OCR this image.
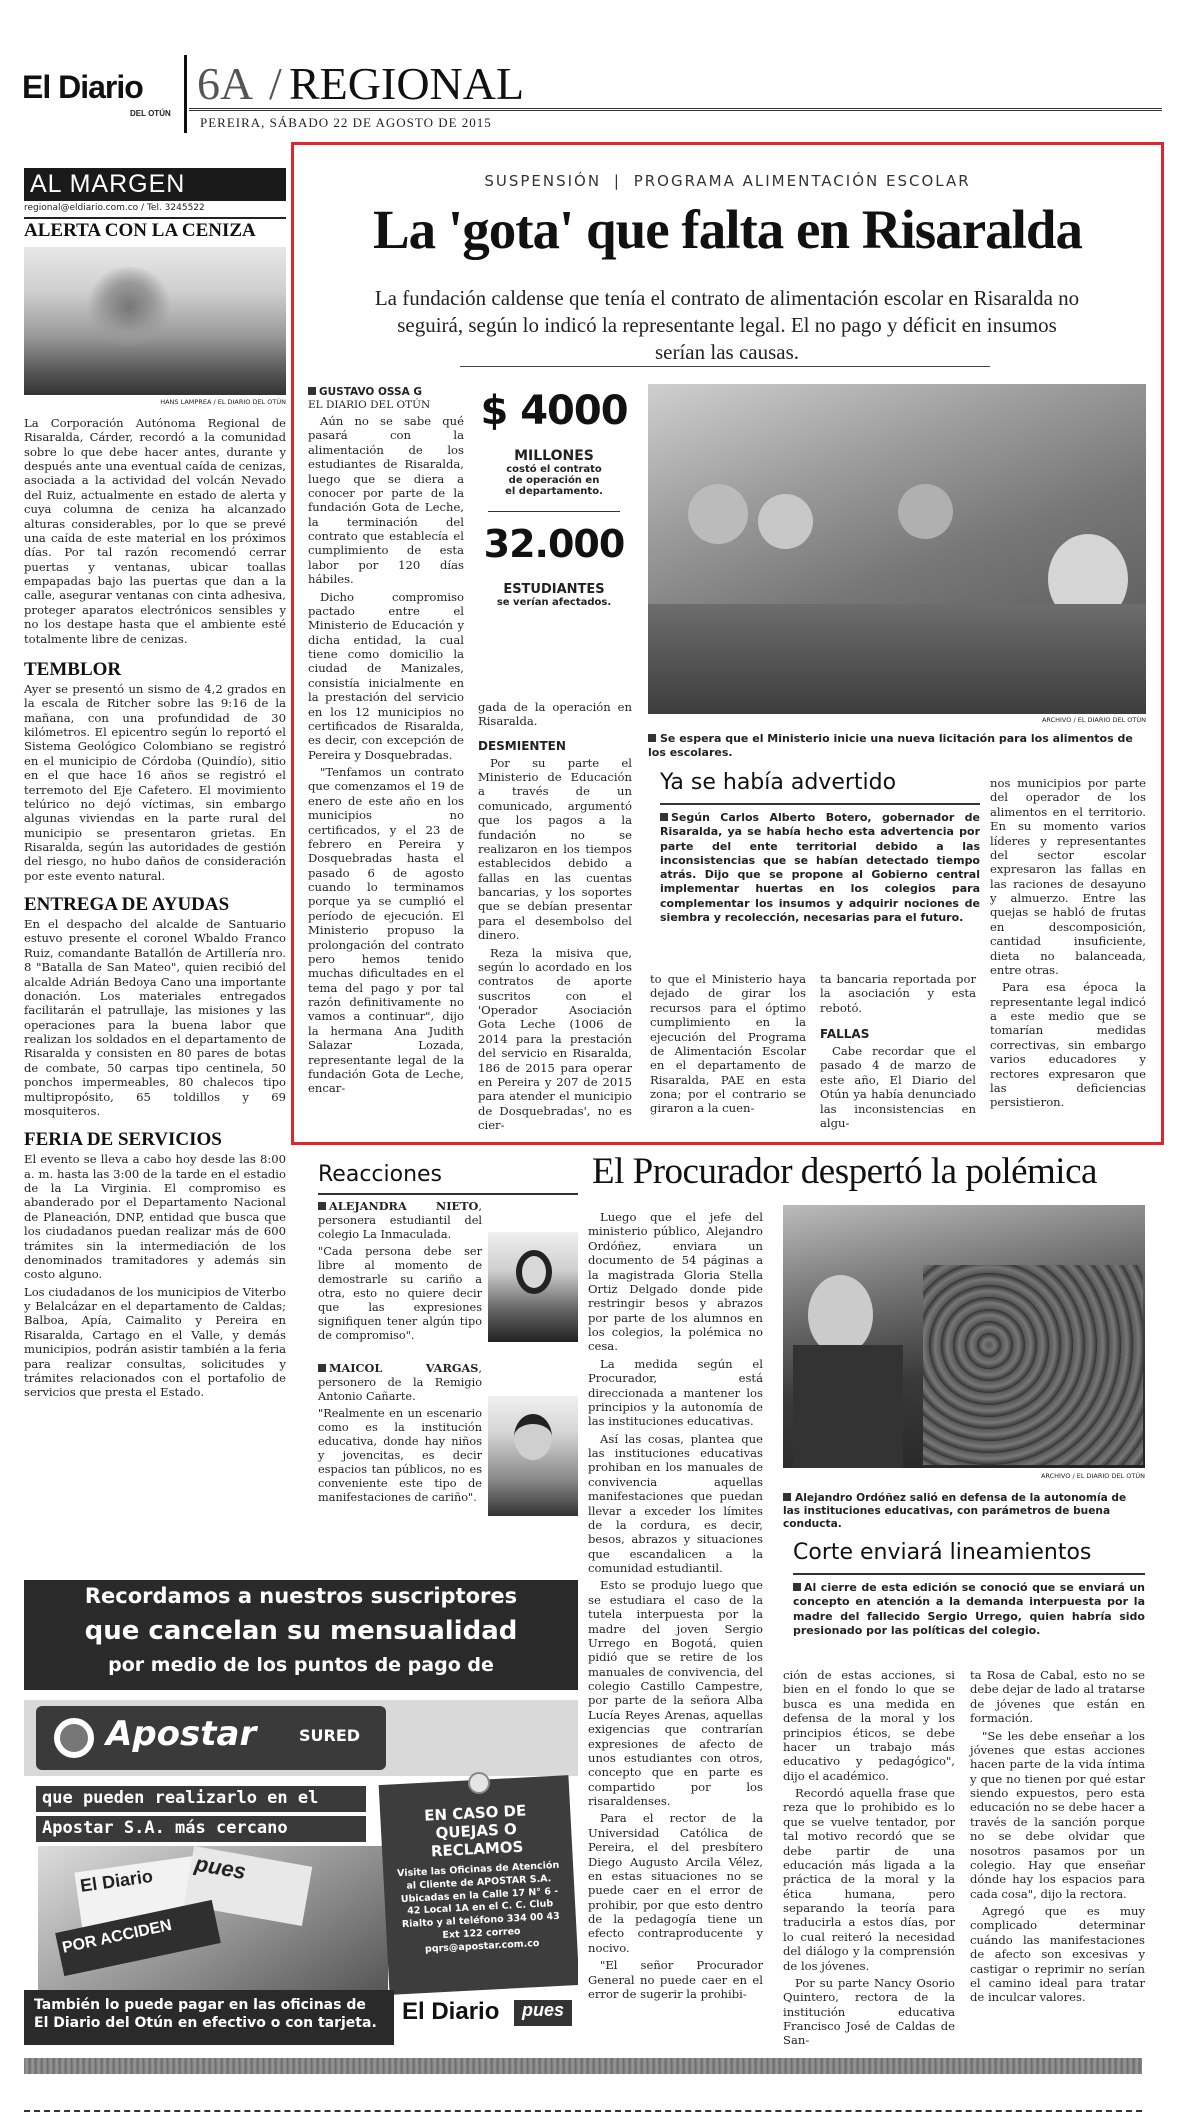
El Diario
DEL OTÚN
6A / REGIONAL
PEREIRA, SÁBADO 22 DE AGOSTO DE 2015
AL MARGEN
regional@eldiario.com.co / Tel. 3245522
ALERTA CON LA CENIZA
HANS LAMPREA / EL DIARIO DEL OTÚN

La Corporación Autónoma Regional de Risaralda, Cárder, recordó a la comunidad sobre lo que debe hacer antes, durante y después ante una eventual caída de cenizas, asociada a la actividad del volcán Nevado del Ruiz, actualmente en estado de alerta y cuya columna de ceniza ha alcanzado alturas considerables, por lo que se prevé una caída de este material en los próximos días. Por tal razón recomendó cerrar puertas y ventanas, ubicar toallas empapadas bajo las puertas que dan a la calle, asegurar ventanas con cinta adhesiva, proteger aparatos electrónicos sensibles y no los destape hasta que el ambiente esté totalmente libre de cenizas.

TEMBLOR

Ayer se presentó un sismo de 4,2 grados en la escala de Ritcher sobre las 9:16 de la mañana, con una profundidad de 30 kilómetros. El epicentro según lo reportó el Sistema Geológico Colombiano se registró en el municipio de Córdoba (Quindío), sitio en el que hace 16 años se registró el terremoto del Eje Cafetero. El movimiento telúrico no dejó víctimas, sin embargo algunas viviendas en la parte rural del municipio se presentaron grietas. En Risaralda, según las autoridades de gestión del riesgo, no hubo daños de consideración por este evento natural.

ENTREGA DE AYUDAS

En el despacho del alcalde de Santuario estuvo presente el coronel Wbaldo Franco Ruiz, comandante Batallón de Artillería nro. 8 "Batalla de San Mateo", quien recibió del alcalde Adrián Bedoya Cano una importante donación. Los materiales entregados facilitarán el patrullaje, las misiones y las operaciones para la buena labor que realizan los soldados en el departamento de Risaralda y consisten en 80 pares de botas de combate, 50 carpas tipo centinela, 50 ponchos impermeables, 80 chalecos tipo multipropósito, 65 toldillos y 69 mosquiteros.

FERIA DE SERVICIOS

El evento se lleva a cabo hoy desde las 8:00 a. m. hasta las 3:00 de la tarde en el estadio de la La Virginia. El compromiso es abanderado por el Departamento Nacional de Planeación, DNP, entidad que busca que los ciudadanos puedan realizar más de 600 trámites sin la intermediación de los denominados tramitadores y además sin costo alguno.

Los ciudadanos de los municipios de Viterbo y Belalcázar en el departamento de Caldas; Balboa, Apía, Caimalito y Pereira en Risaralda, Cartago en el Valle, y demás municipios, podrán asistir también a la feria para realizar consultas, solicitudes y trámites relacionados con el portafolio de servicios que presta el Estado.

SUSPENSIÓN | PROGRAMA ALIMENTACIÓN ESCOLAR
La 'gota' que falta en Risaralda
La fundación caldense que tenía el contrato de alimentación escolar en Risaralda no seguirá, según lo indicó la representante legal. El no pago y déficit en insumos serían las causas.
GUSTAVO OSSA G
EL DIARIO DEL OTÚN

Aún no se sabe qué pasará con la alimentación de los estudiantes de Risaralda, luego que se diera a conocer por parte de la fundación Gota de Leche, la terminación del contrato que establecía el cumplimiento de esta labor por 120 días hábiles.

Dicho compromiso pactado entre el Ministerio de Educación y dicha entidad, la cual tiene como domicilio la ciudad de Manizales, consistía inicialmente en la prestación del servicio en los 12 municipios no certificados de Risaralda, es decir, con excepción de Pereira y Dosquebradas.

"Tenfamos un contrato que comenzamos el 19 de enero de este año en los municipios no certificados, y el 23 de febrero en Pereira y Dosquebradas hasta el pasado 6 de agosto cuando lo terminamos porque ya se cumplió el período de ejecución. El Ministerio propuso la prolongación del contrato pero hemos tenido muchas dificultades en el tema del pago y por tal razón definitivamente no vamos a continuar", dijo la hermana Ana Judith Salazar Lozada, representante legal de la fundación Gota de Leche, encar-

$ 4000
MILLONES
costó el contrato de operación en el departamento.
32.000
ESTUDIANTES
se verían afectados.

gada de la operación en Risaralda.

DESMIENTEN

Por su parte el Ministerio de Educación a través de un comunicado, argumentó que los pagos a la fundación no se realizaron en los tiempos establecidos debido a fallas en las cuentas bancarias, y los soportes que se debían presentar para el desembolso del dinero.

Reza la misiva que, según lo acordado en los contratos de aporte suscritos con el 'Operador Asociación Gota Leche (1006 de 2014 para la prestación del servicio en Risaralda, 186 de 2015 para operar en Pereira y 207 de 2015 para atender el municipio de Dosquebradas', no es cier-

ARCHIVO / EL DIARIO DEL OTÚN
Se espera que el Ministerio inicie una nueva licitación para los alimentos de los escolares.
Ya se había advertido
Según Carlos Alberto Botero, gobernador de Risaralda, ya se había hecho esta advertencia por parte del ente territorial debido a las inconsistencias que se habían detectado tiempo atrás. Dijo que se propone al Gobierno central implementar huertas en los colegios para complementar los insumos y adquirir nociones de siembra y recolección, necesarias para el futuro.

to que el Ministerio haya dejado de girar los recursos para el óptimo cumplimiento en la ejecución del Programa de Alimentación Escolar en el departamento de Risaralda, PAE en esta zona; por el contrario se giraron a la cuen-

ta bancaria reportada por la asociación y esta rebotó.

FALLAS

Cabe recordar que el pasado 4 de marzo de este año, El Diario del Otún ya había denunciado las inconsistencias en algu-

nos municipios por parte del operador de los alimentos en el territorio. En su momento varios líderes y representantes del sector escolar expresaron las fallas en las raciones de desayuno y almuerzo. Entre las quejas se habló de frutas en descomposición, cantidad insuficiente, dieta no balanceada, entre otras.

Para esa época la representante legal indicó a este medio que se tomarían medidas correctivas, sin embargo varios educadores y rectores expresaron que las deficiencias persistieron.

Reacciones

ALEJANDRA NIETO, personera estudiantil del colegio La Inmaculada.

"Cada persona debe ser libre al momento de demostrarle su cariño a otra, esto no quiere decir que las expresiones signifiquen tener algún tipo de compromiso".

MAICOL VARGAS, personero de la Remigio Antonio Cañarte.

"Realmente en un escenario como es la institución educativa, donde hay niños y jovencitas, es decir espacios tan públicos, no es conveniente este tipo de manifestaciones de cariño".

El Procurador despertó la polémica

Luego que el jefe del ministerio público, Alejandro Ordóñez, enviara un documento de 54 páginas a la magistrada Gloria Stella Ortiz Delgado donde pide restringir besos y abrazos por parte de los alumnos en los colegios, la polémica no cesa.

La medida según el Procurador, está direccionada a mantener los principios y la autonomía de las instituciones educativas.

Así las cosas, plantea que las instituciones educativas prohiban en los manuales de convivencia aquellas manifestaciones que puedan llevar a exceder los límites de la cordura, es decir, besos, abrazos y situaciones que escandalicen a la comunidad estudiantil.

Esto se produjo luego que se estudiara el caso de la tutela interpuesta por la madre del joven Sergio Urrego en Bogotá, quien pidió que se retire de los manuales de convivencia, del colegio Castillo Campestre, por parte de la señora Alba Lucía Reyes Arenas, aquellas exigencias que contrarían expresiones de afecto de unos estudiantes con otros, concepto que en parte es compartido por los risaraldenses.

Para el rector de la Universidad Católica de Pereira, el del presbítero Diego Augusto Arcila Vélez, en estas situaciones no se puede caer en el error de prohibir, por que esto dentro de la pedagogía tiene un efecto contraproducente y nocivo.

"El señor Procurador General no puede caer en el error de sugerir la prohibi-

ARCHIVO / EL DIARIO DEL OTÚN
Alejandro Ordóñez salió en defensa de la autonomía de las instituciones educativas, con parámetros de buena conducta.
Corte enviará lineamientos
Al cierre de esta edición se conoció que se enviará un concepto en atención a la demanda interpuesta por la madre del fallecido Sergio Urrego, quien habría sido presionado por las políticas del colegio.

ción de estas acciones, si bien en el fondo lo que se busca es una medida en defensa de la moral y los principios éticos, se debe hacer un trabajo más educativo y pedagógico", dijo el académico.

Recordó aquella frase que reza que lo prohibido es lo que se vuelve tentador, por tal motivo recordó que se debe partir de una educación más ligada a la práctica de la moral y la ética humana, pero separando la teoría para traducirla a estos días, por lo cual reiteró la necesidad del diálogo y la comprensión de los jóvenes.

Por su parte Nancy Osorio Quintero, rectora de la institución educativa Francisco José de Caldas de San-

ta Rosa de Cabal, esto no se debe dejar de lado al tratarse de jóvenes que están en formación.

"Se les debe enseñar a los jóvenes que estas acciones hacen parte de la vida íntima y que no tienen por qué estar siendo expuestos, pero esta educación no se debe hacer a través de la sanción porque no se debe olvidar que nosotros pasamos por un colegio. Hay que enseñar dónde hay los espacios para cada cosa", dijo la rectora.

Agregó que es muy complicado determinar cuándo las manifestaciones de afecto son excesivas y castigar o reprimir no serían el camino ideal para tratar de inculcar valores.

Recordamos a nuestros suscriptores
que cancelan su mensualidad
por medio de los puntos de pago de
Apostar	SURED
que pueden realizarlo en el
Apostar S.A. más cercano
El Diario	pues
POR ACCIDEN
EN CASO DE QUEJAS O RECLAMOS
Visite las Oficinas de Atención al Cliente de APOSTAR S.A. Ubicadas en la Calle 17 N° 6 - 42 Local 1A en el C. C. Club Rialto y al teléfono 334 00 43 Ext 122 correo pqrs@apostar.com.co
También lo puede pagar en las oficinas de El Diario del Otún en efectivo o con tarjeta.	El Diario	pues
